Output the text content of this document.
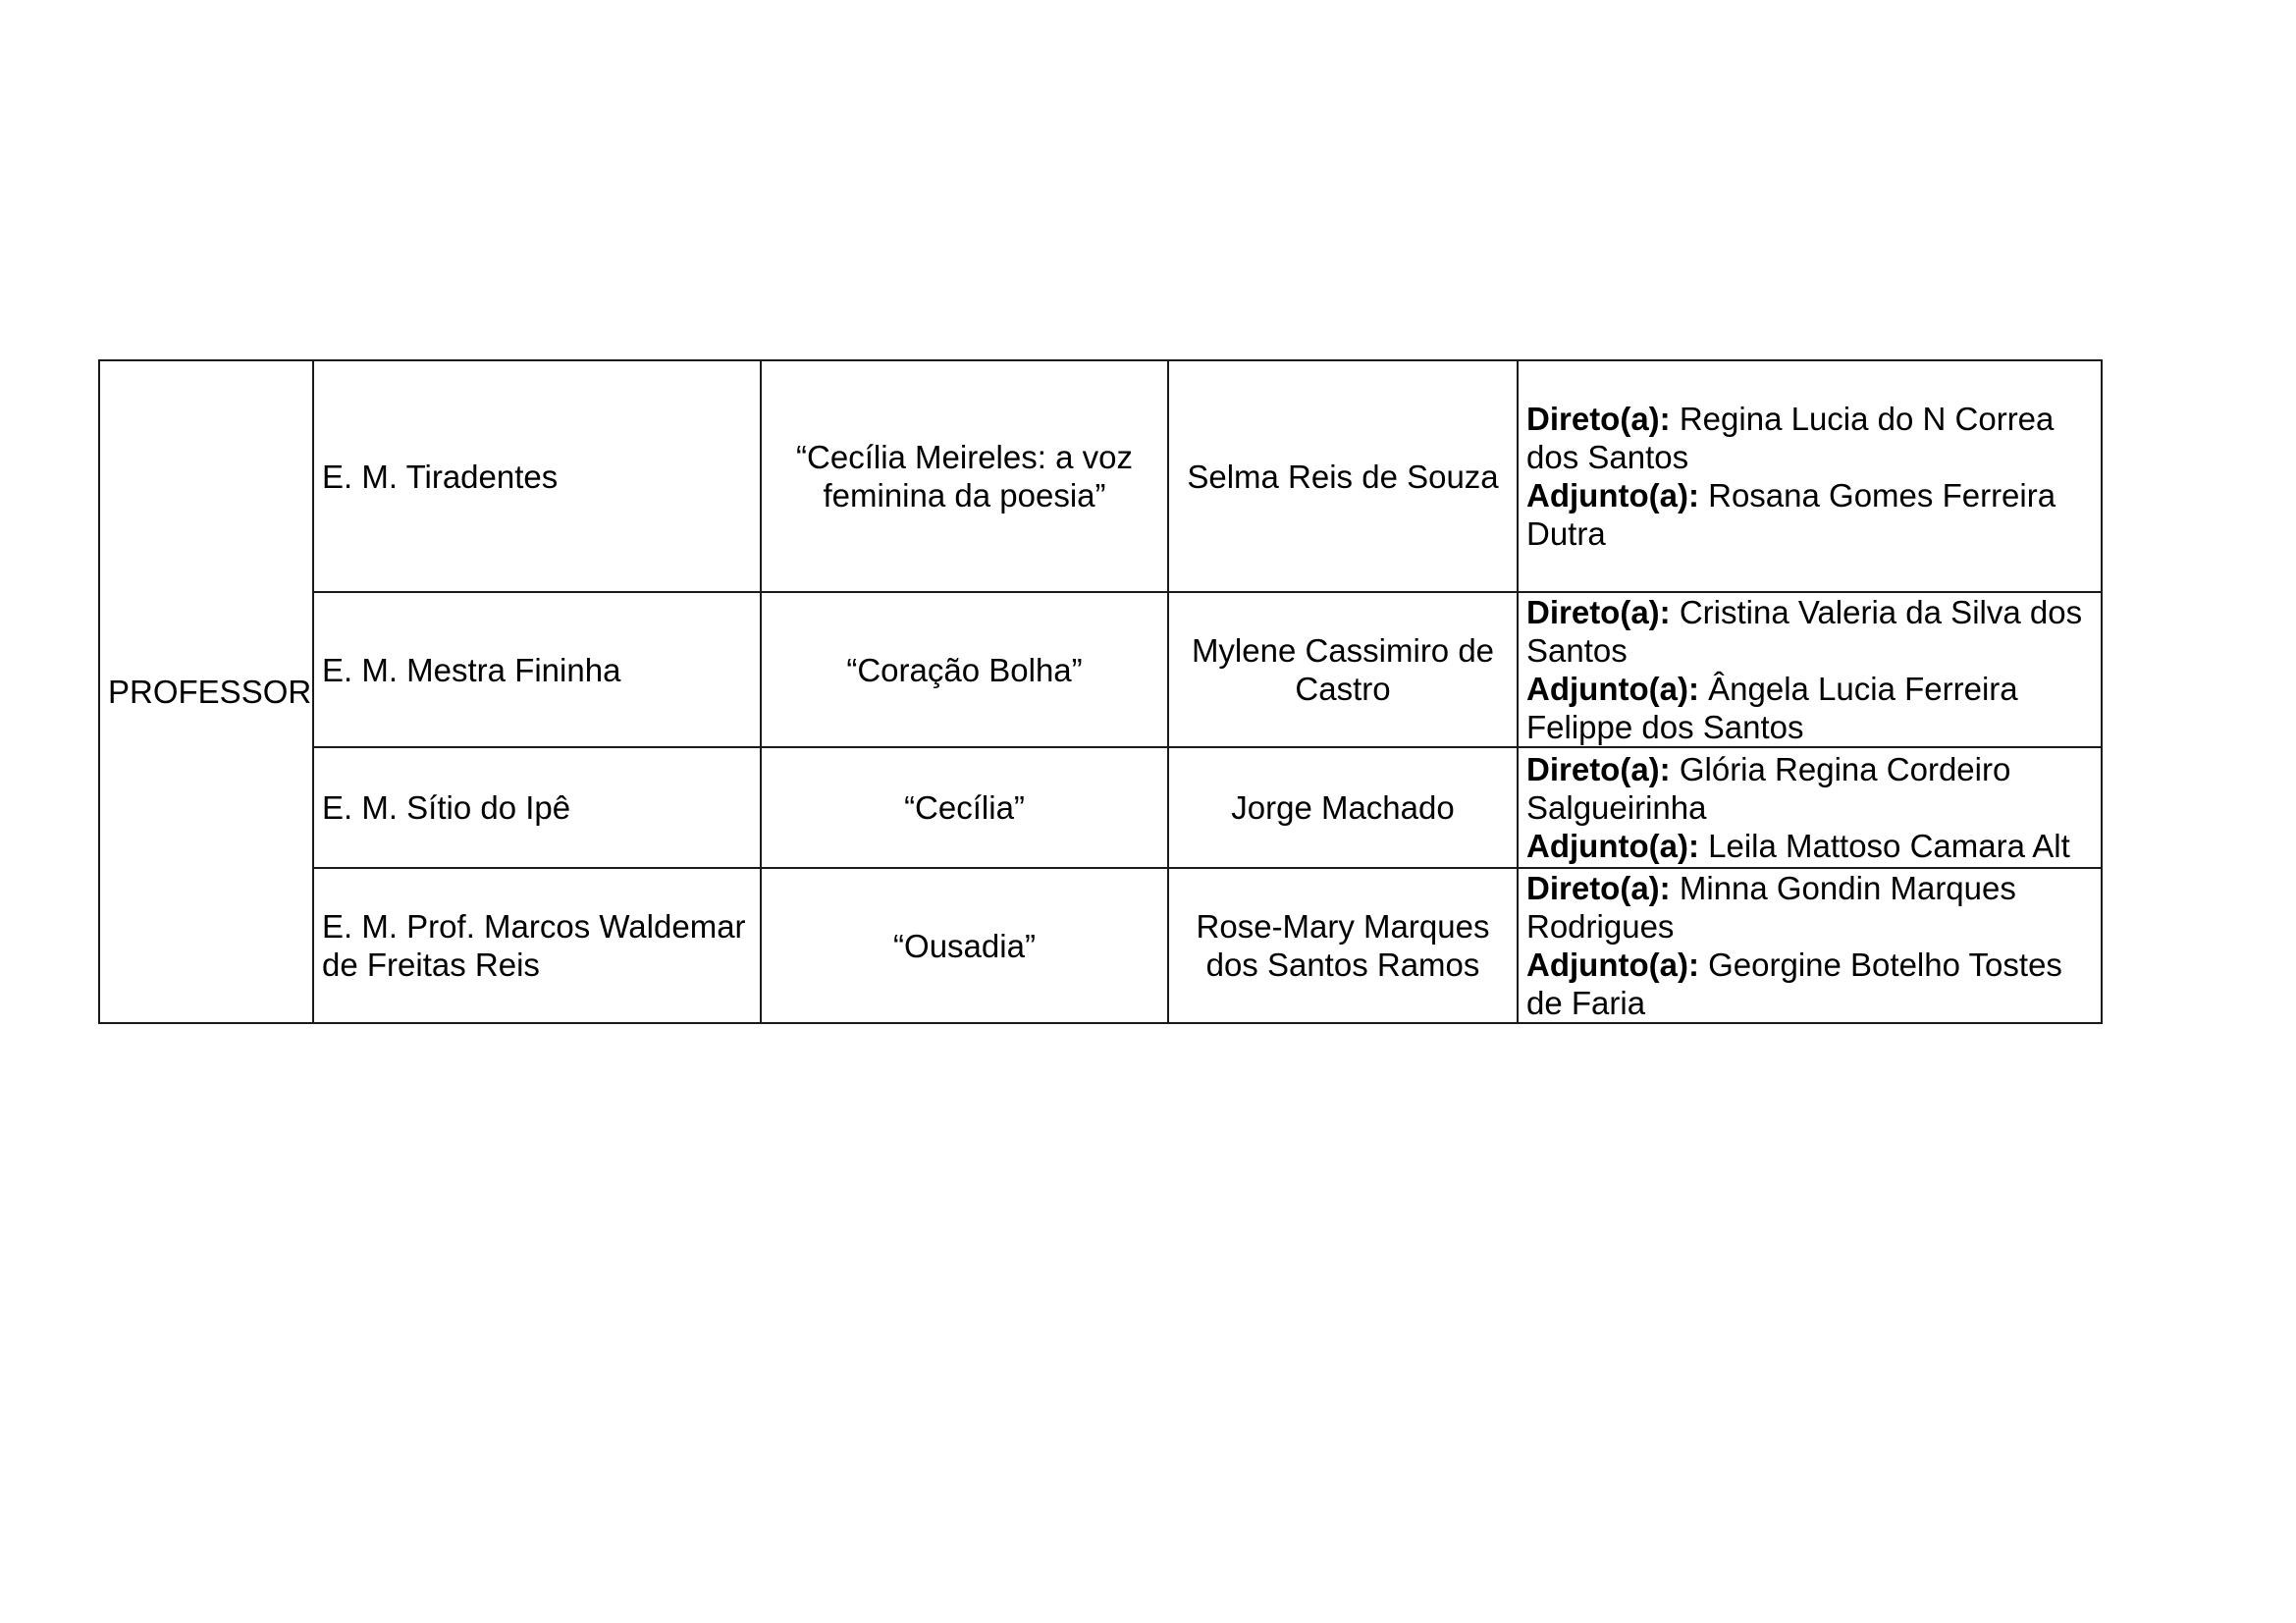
PROFESSOR	E. M. Tiradentes	“Cecília Meireles: a voz feminina da poesia”	Selma Reis de Souza	Direto(a): Regina Lucia do N Correa dos Santos
Adjunto(a): Rosana Gomes Ferreira Dutra

	E. M. Mestra Fininha	“Coração Bolha”	Mylene Cassimiro de Castro	Direto(a): Cristina Valeria da Silva dos Santos
Adjunto(a): Ângela Lucia Ferreira Felippe dos Santos

	E. M. Sítio do Ipê	“Cecília”	Jorge Machado	Direto(a): Glória Regina Cordeiro Salgueirinha
Adjunto(a): Leila Mattoso Camara Alt

	E. M. Prof. Marcos Waldemar de Freitas Reis	“Ousadia”	Rose-Mary Marques dos Santos Ramos	Direto(a): Minna Gondin Marques Rodrigues
Adjunto(a): Georgine Botelho Tostes de Faria
